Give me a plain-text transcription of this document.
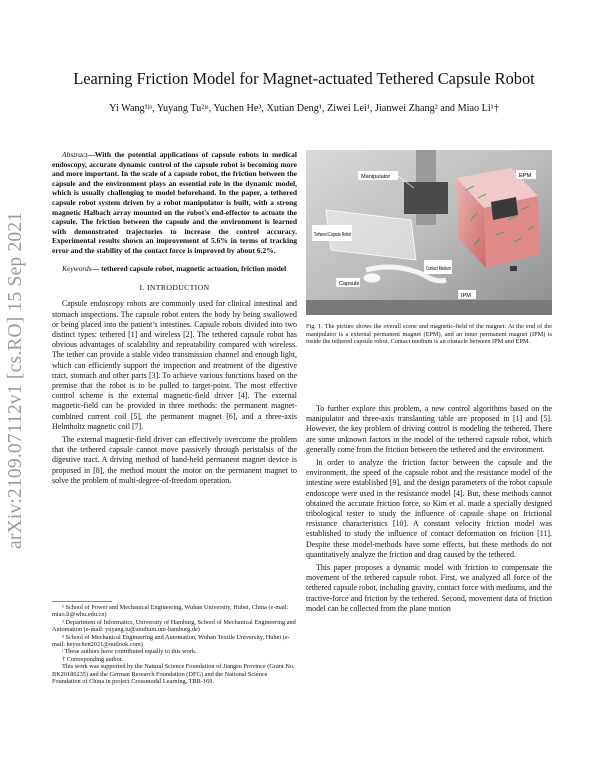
arXiv:2109.07112v1 [cs.RO] 15 Sep 2021
Learning Friction Model for Magnet-actuated Tethered Capsule Robot
Yi Wang¹ʲᵃ, Yuyang Tu²ʲᵃ, Yuchen He³, Xutian Deng¹, Ziwei Lei¹, Jianwei Zhang² and Miao Li¹†

Abstract—With the potential applications of capsule robots in medical endoscopy, accurate dynamic control of the capsule robot is becoming more and more important. In the scale of a capsule robot, the friction between the capsule and the environment plays an essential role in the dynamic model, which is usually challenging to model beforehand. In the paper, a tethered capsule robot system driven by a robot manipulator is built, with a strong magnetic Halbach array mounted on the robot's end-effector to actuate the capsule. The friction between the capsule and the environment is learned with demonstrated trajectories to increase the control accuracy. Experimental results shown an improvement of 5.6% in terms of tracking error and the stability of the contact force is improved by about 6.2%.

Keywords— tethered capsule robot, magnetic actuation, friction model

I. INTRODUCTION

Capsule endoscopy robots are commonly used for clinical intestinal and stomach inspections. The capsule robot enters the body by being swallowed or being placed into the patient’s intestines. Capsule robots divided into two distinct types: tethered [1] and wireless [2]. The tethered capsule robot has obvious advantages of scalability and repeatability compared with wireless. The tether can provide a stable video transmission channel and enough light, which can efficiently support the inspection and treatment of the digestive tract, stomach and other parts [3]. To achieve various functions based on the premise that the robot is to be pulled to target-point. The most effective control scheme is the external magnetic-field driver [4]. The external magnetic-field can be provided in three methods: the permanent magnet-combined current coil [5], the permanent magnet [6], and a three-axis Helmholtz magnetic coil [7].

The external magnetic-field driver can effectively overcome the problem that the tethered capsule cannot move passively through peristalsis of the digestive tract. A driving method of hand-held permanent magnet device is proposed in [8], the method mount the motor on the permanent magnet to solve the problem of multi-degree-of-freedom operation.

¹ School of Power and Mechanical Engineering, Wuhan University, Hubei, China (e-mail: miao.li@whu.edu.cn)

² Department of Informatics, University of Hamburg, School of Mechanical Engineering and Automation (e-mail: yuyang.tu@studium.uni-hamburg.de)

³ School of Mechanical Engineering and Automation, Wuhan Textile University, Hubei (e-mail: heyuchen2021@outlook.com)

ʲ These authors have contributed equally to this work.

† Corresponding author.

This work was supported by the Natural Science Foundation of Jiangsu Province (Grant No. BK20180235) and the German Research Foundation (DFG) and the National Science Foundation of China in project Crossmodal Learning, TRR-169.

Manipulator	EPM
Tethered Capsule Robot
Contact Medium
Capsule
IPM
Fig. 1. The picture shows the overall scene and magnetic-field of the magnet: At the end of the manipulator is a external permanent magnet (EPM), and an inner permanent magnet (IPM) is inside the tethered capsule robot. Contact medium is an obstacle between IPM and EPM.

To further explore this problem, a new control algorithms based on the manipulator and three-axis translanting table are proposed in [1] and [5]. However, the key problem of driving control is modeling the tethered. There are some unknown factors in the model of the tethered capsule robot, which generally come from the friction between the tethered and the environment.

In order to analyze the friction factor between the capsule and the environment, the speed of the capsule robot and the resistance model of the intestine were established [9], and the design parameters of the robot capsule endoscope were used in the resistance model [4]. But, these methods cannot obtained the accurate friction force, so Kim et al. made a specially designed tribological tester to study the influence of capsule shape on frictional resistance characteristics [10]. A constant velocity friction model was established to study the influence of contact deformation on friction [11]. Despite these model-methods have some effects, but these methods do not quantitatively analyze the friction and drag caused by the tethered.

This paper proposes a dynamic model with friction to compensate the movement of the tethered capsule robot. First, we analyzed all force of the tethered capsule robot, including gravity, contact force with mediums, and the tractive-force and friction by the tethered. Second, movement data of friction model can be collected from the plane motion
